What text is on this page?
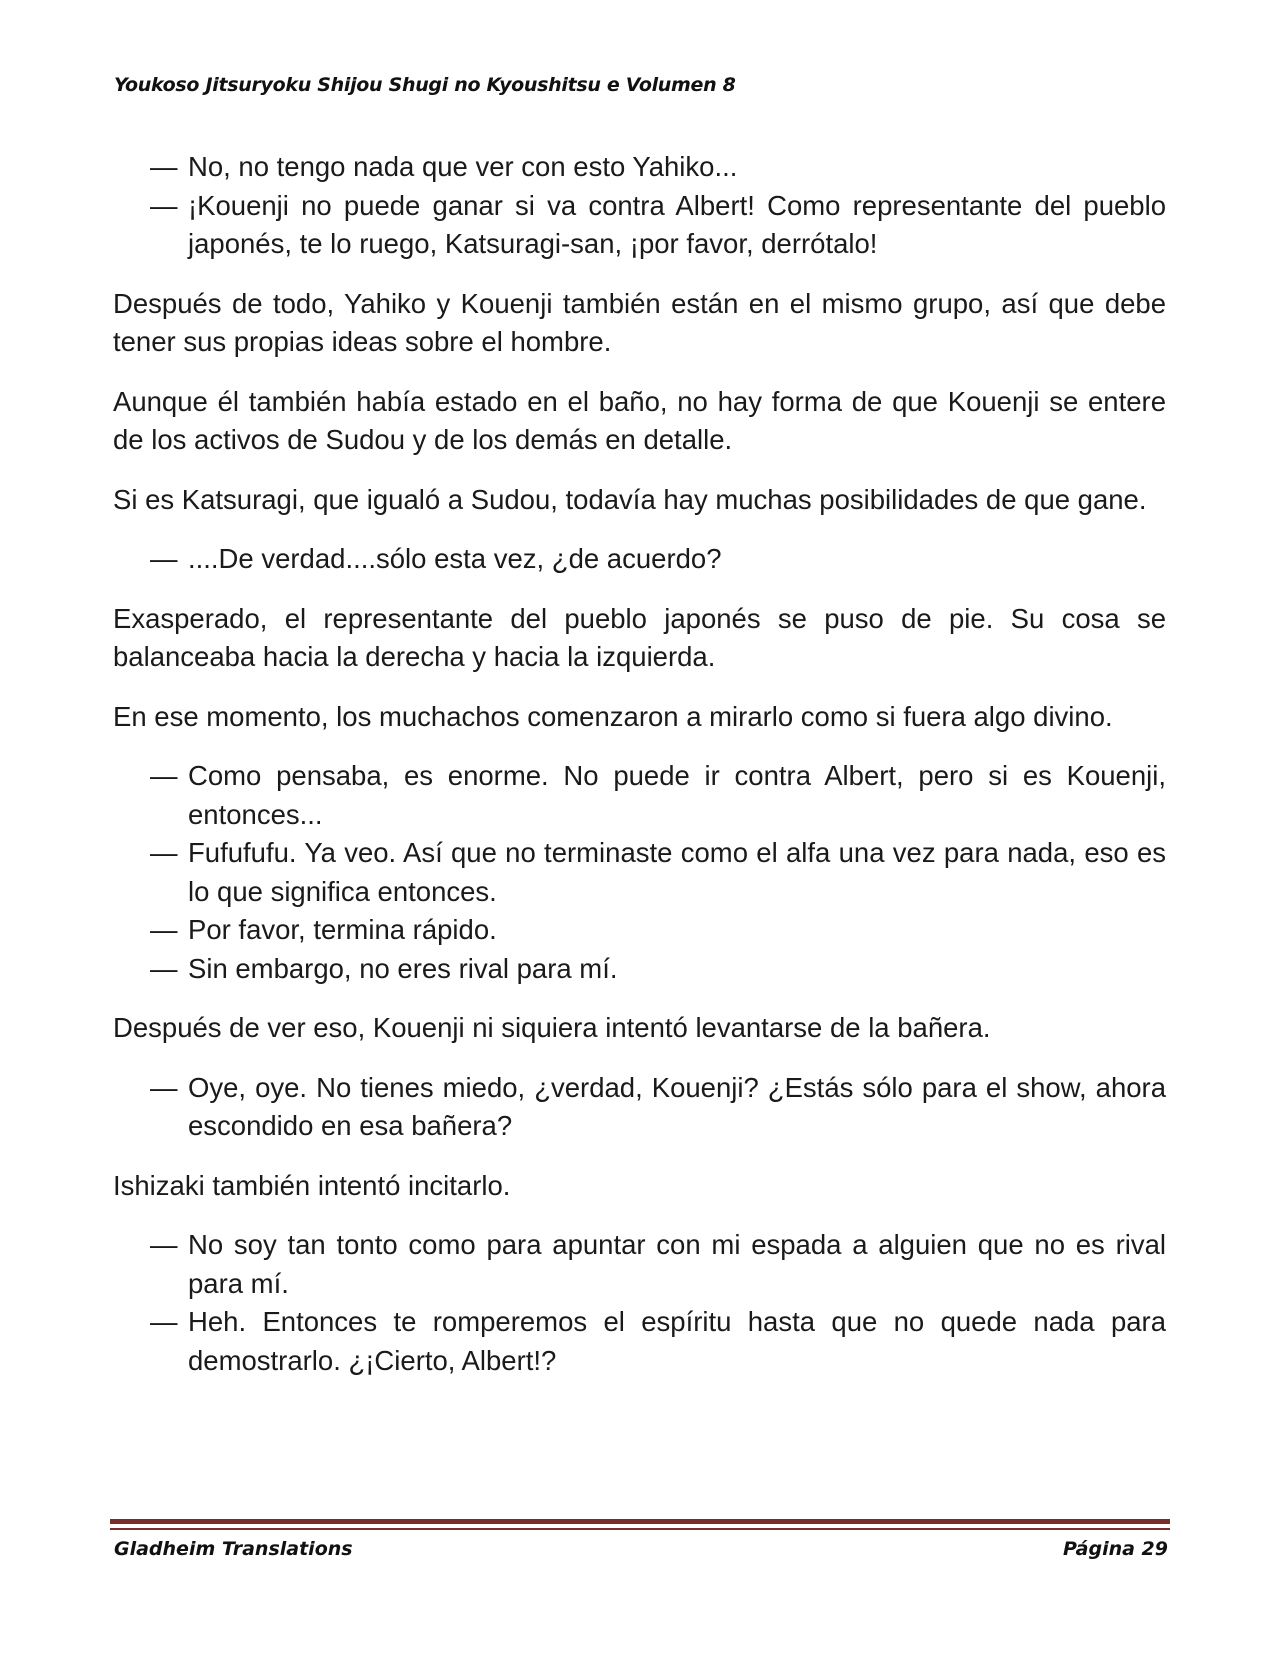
Youkoso Jitsuryoku Shijou Shugi no Kyoushitsu e Volumen 8

— No, no tengo nada que ver con esto Yahiko...

— ¡Kouenji no puede ganar si va contra Albert! Como representante del pueblo japonés, te lo ruego, Katsuragi-san, ¡por favor, derrótalo!

Después de todo, Yahiko y Kouenji también están en el mismo grupo, así que debe tener sus propias ideas sobre el hombre.

Aunque él también había estado en el baño, no hay forma de que Kouenji se entere de los activos de Sudou y de los demás en detalle.

Si es Katsuragi, que igualó a Sudou, todavía hay muchas posibilidades de que gane.

— ....De verdad....sólo esta vez, ¿de acuerdo?

Exasperado, el representante del pueblo japonés se puso de pie. Su cosa se balanceaba hacia la derecha y hacia la izquierda.

En ese momento, los muchachos comenzaron a mirarlo como si fuera algo divino.

— Como pensaba, es enorme. No puede ir contra Albert, pero si es Kouenji, entonces...

— Fufufufu. Ya veo. Así que no terminaste como el alfa una vez para nada, eso es lo que significa entonces.

— Por favor, termina rápido.

— Sin embargo, no eres rival para mí.

Después de ver eso, Kouenji ni siquiera intentó levantarse de la bañera.

— Oye, oye. No tienes miedo, ¿verdad, Kouenji? ¿Estás sólo para el show, ahora escondido en esa bañera?

Ishizaki también intentó incitarlo.

— No soy tan tonto como para apuntar con mi espada a alguien que no es rival para mí.

— Heh. Entonces te romperemos el espíritu hasta que no quede nada para demostrarlo. ¿¡Cierto, Albert!?

Gladheim Translations	Página 29
